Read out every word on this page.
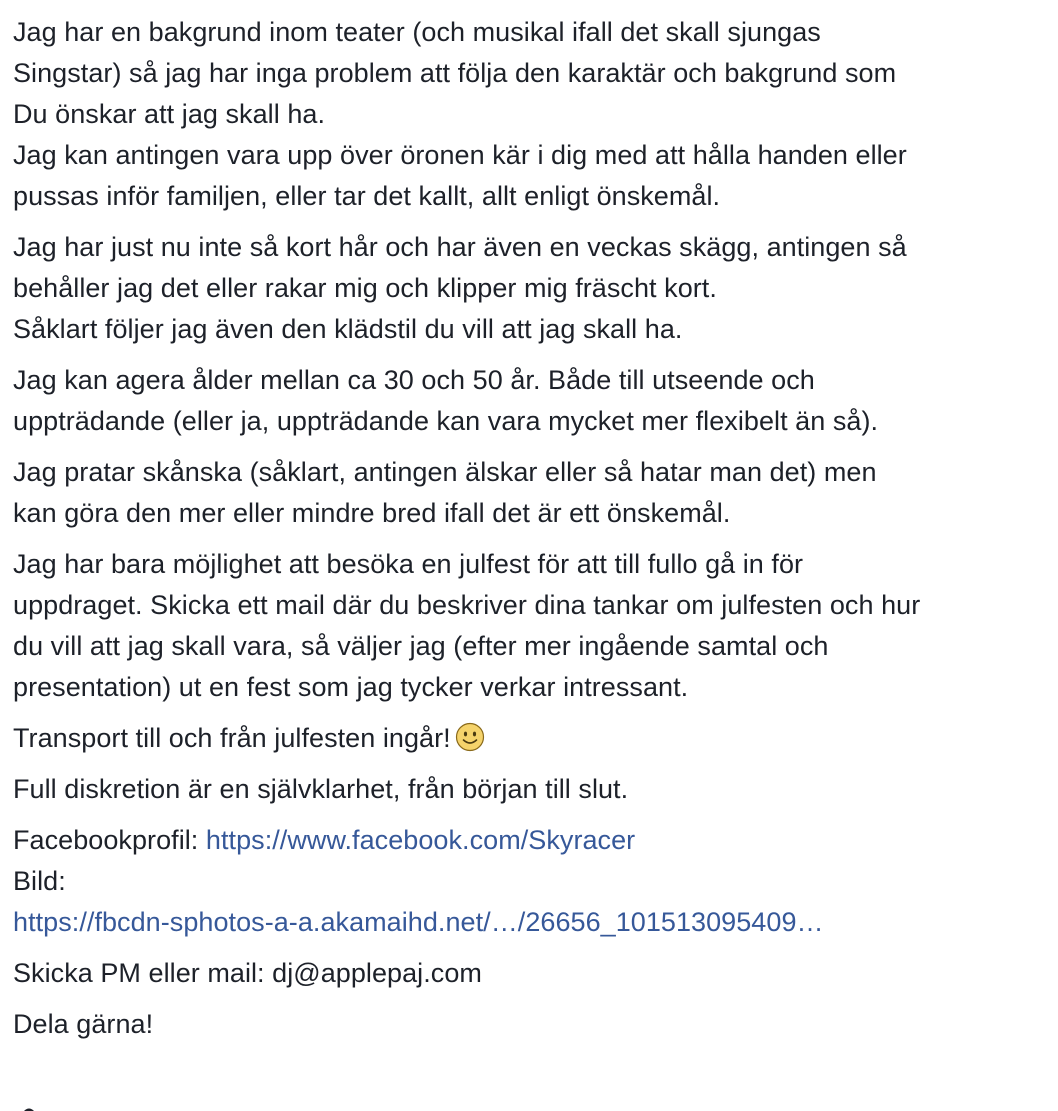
Jag har en bakgrund inom teater (och musikal ifall det skall sjungas
Singstar) så jag har inga problem att följa den karaktär och bakgrund som
Du önskar att jag skall ha.
Jag kan antingen vara upp över öronen kär i dig med att hålla handen eller
pussas inför familjen, eller tar det kallt, allt enligt önskemål.
Jag har just nu inte så kort hår och har även en veckas skägg, antingen så
behåller jag det eller rakar mig och klipper mig fräscht kort.
Såklart följer jag även den klädstil du vill att jag skall ha.
Jag kan agera ålder mellan ca 30 och 50 år. Både till utseende och
uppträdande (eller ja, uppträdande kan vara mycket mer flexibelt än så).
Jag pratar skånska (såklart, antingen älskar eller så hatar man det) men
kan göra den mer eller mindre bred ifall det är ett önskemål.
Jag har bara möjlighet att besöka en julfest för att till fullo gå in för
uppdraget. Skicka ett mail där du beskriver dina tankar om julfesten och hur
du vill att jag skall vara, så väljer jag (efter mer ingående samtal och
presentation) ut en fest som jag tycker verkar intressant.
Transport till och från julfesten ingår!
Full diskretion är en självklarhet, från början till slut.
Facebookprofil: https://www.facebook.com/Skyracer
Bild:
https://fbcdn-sphotos-a-a.akamaihd.net/…/26656_101513095409…
Skicka PM eller mail: dj@applepaj.com
Dela gärna!
